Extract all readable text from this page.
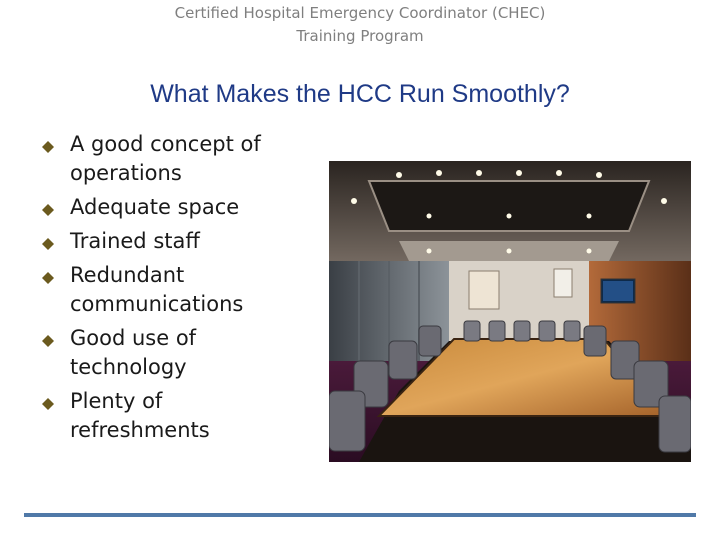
Certified Hospital Emergency Coordinator (CHEC)
Training Program
What Makes the HCC Run Smoothly?
A good concept of
operations
Adequate space
Trained staff
Redundant
communications
Good use of
technology
Plenty of
refreshments
